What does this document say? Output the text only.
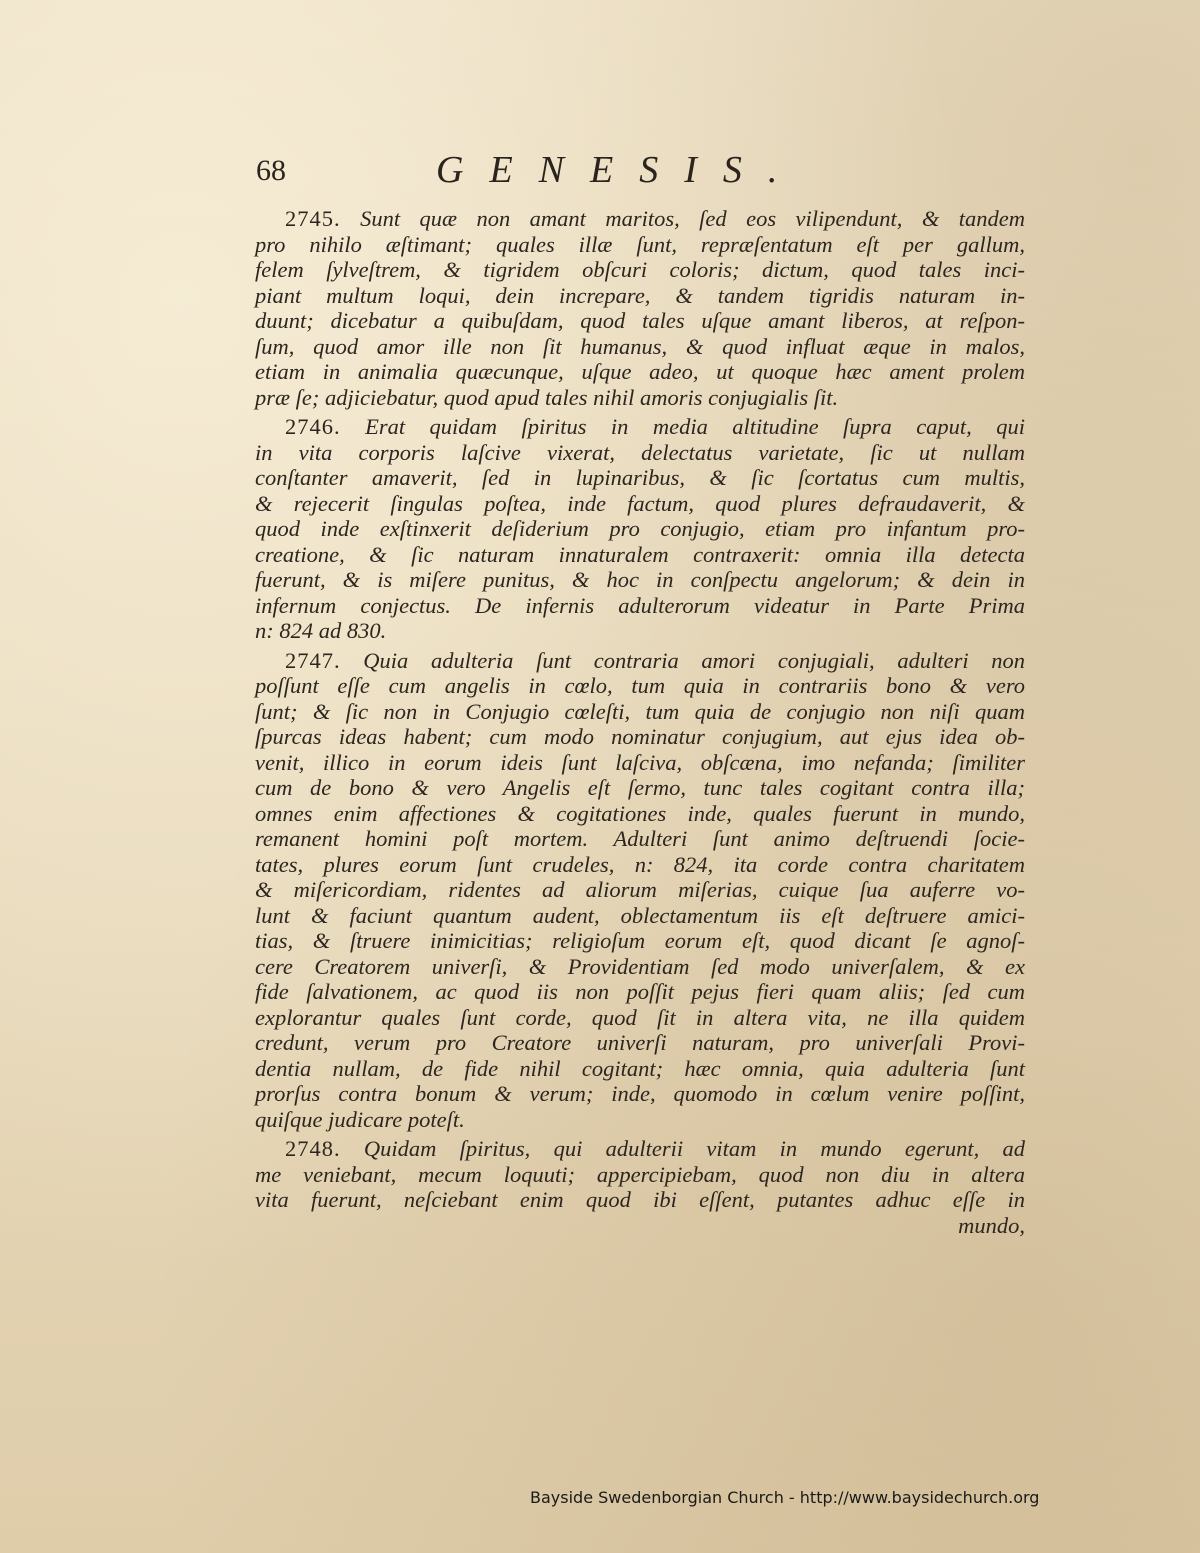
68	GENESIS.
2745. Sunt quæ non amant maritos, ſed eos vilipendunt, & tandem
pro nihilo æſtimant; quales illæ ſunt, repræſentatum eſt per gallum,
felem ſylveſtrem, & tigridem obſcuri coloris; dictum, quod tales inci-
piant multum loqui, dein increpare, & tandem tigridis naturam in-
duunt; dicebatur a quibuſdam, quod tales uſque amant liberos, at reſpon-
ſum, quod amor ille non ſit humanus, & quod influat æque in malos,
etiam in animalia quæcunque, uſque adeo, ut quoque hæc ament prolem
præ ſe; adjiciebatur, quod apud tales nihil amoris conjugialis ſit.
2746. Erat quidam ſpiritus in media altitudine ſupra caput, qui
in vita corporis laſcive vixerat, delectatus varietate, ſic ut nullam
conſtanter amaverit, ſed in lupinaribus, & ſic ſcortatus cum multis,
& rejecerit ſingulas poſtea, inde factum, quod plures defraudaverit, &
quod inde exſtinxerit deſiderium pro conjugio, etiam pro infantum pro-
creatione, & ſic naturam innaturalem contraxerit: omnia illa detecta
fuerunt, & is miſere punitus, & hoc in conſpectu angelorum; & dein in
infernum conjectus. De infernis adulterorum videatur in Parte Prima
n: 824 ad 830.
2747. Quia adulteria ſunt contraria amori conjugiali, adulteri non
poſſunt eſſe cum angelis in cœlo, tum quia in contrariis bono & vero
ſunt; & ſic non in Conjugio cœleſti, tum quia de conjugio non niſi quam
ſpurcas ideas habent; cum modo nominatur conjugium, aut ejus idea ob-
venit, illico in eorum ideis ſunt laſciva, obſcæna, imo nefanda; ſimiliter
cum de bono & vero Angelis eſt ſermo, tunc tales cogitant contra illa;
omnes enim affectiones & cogitationes inde, quales fuerunt in mundo,
remanent homini poſt mortem. Adulteri ſunt animo deſtruendi ſocie-
tates, plures eorum ſunt crudeles, n: 824, ita corde contra charitatem
& miſericordiam, ridentes ad aliorum miſerias, cuique ſua auferre vo-
lunt & faciunt quantum audent, oblectamentum iis eſt deſtruere amici-
tias, & ſtruere inimicitias; religioſum eorum eſt, quod dicant ſe agnoſ-
cere Creatorem univerſi, & Providentiam ſed modo univerſalem, & ex
fide ſalvationem, ac quod iis non poſſit pejus fieri quam aliis; ſed cum
explorantur quales ſunt corde, quod ſit in altera vita, ne illa quidem
credunt, verum pro Creatore univerſi naturam, pro univerſali Provi-
dentia nullam, de fide nihil cogitant; hæc omnia, quia adulteria ſunt
prorſus contra bonum & verum; inde, quomodo in cœlum venire poſſint,
quiſque judicare poteſt.
2748. Quidam ſpiritus, qui adulterii vitam in mundo egerunt, ad
me veniebant, mecum loquuti; appercipiebam, quod non diu in altera
vita fuerunt, neſciebant enim quod ibi eſſent, putantes adhuc eſſe in
mundo,
Bayside Swedenborgian Church - http://www.baysidechurch.org
